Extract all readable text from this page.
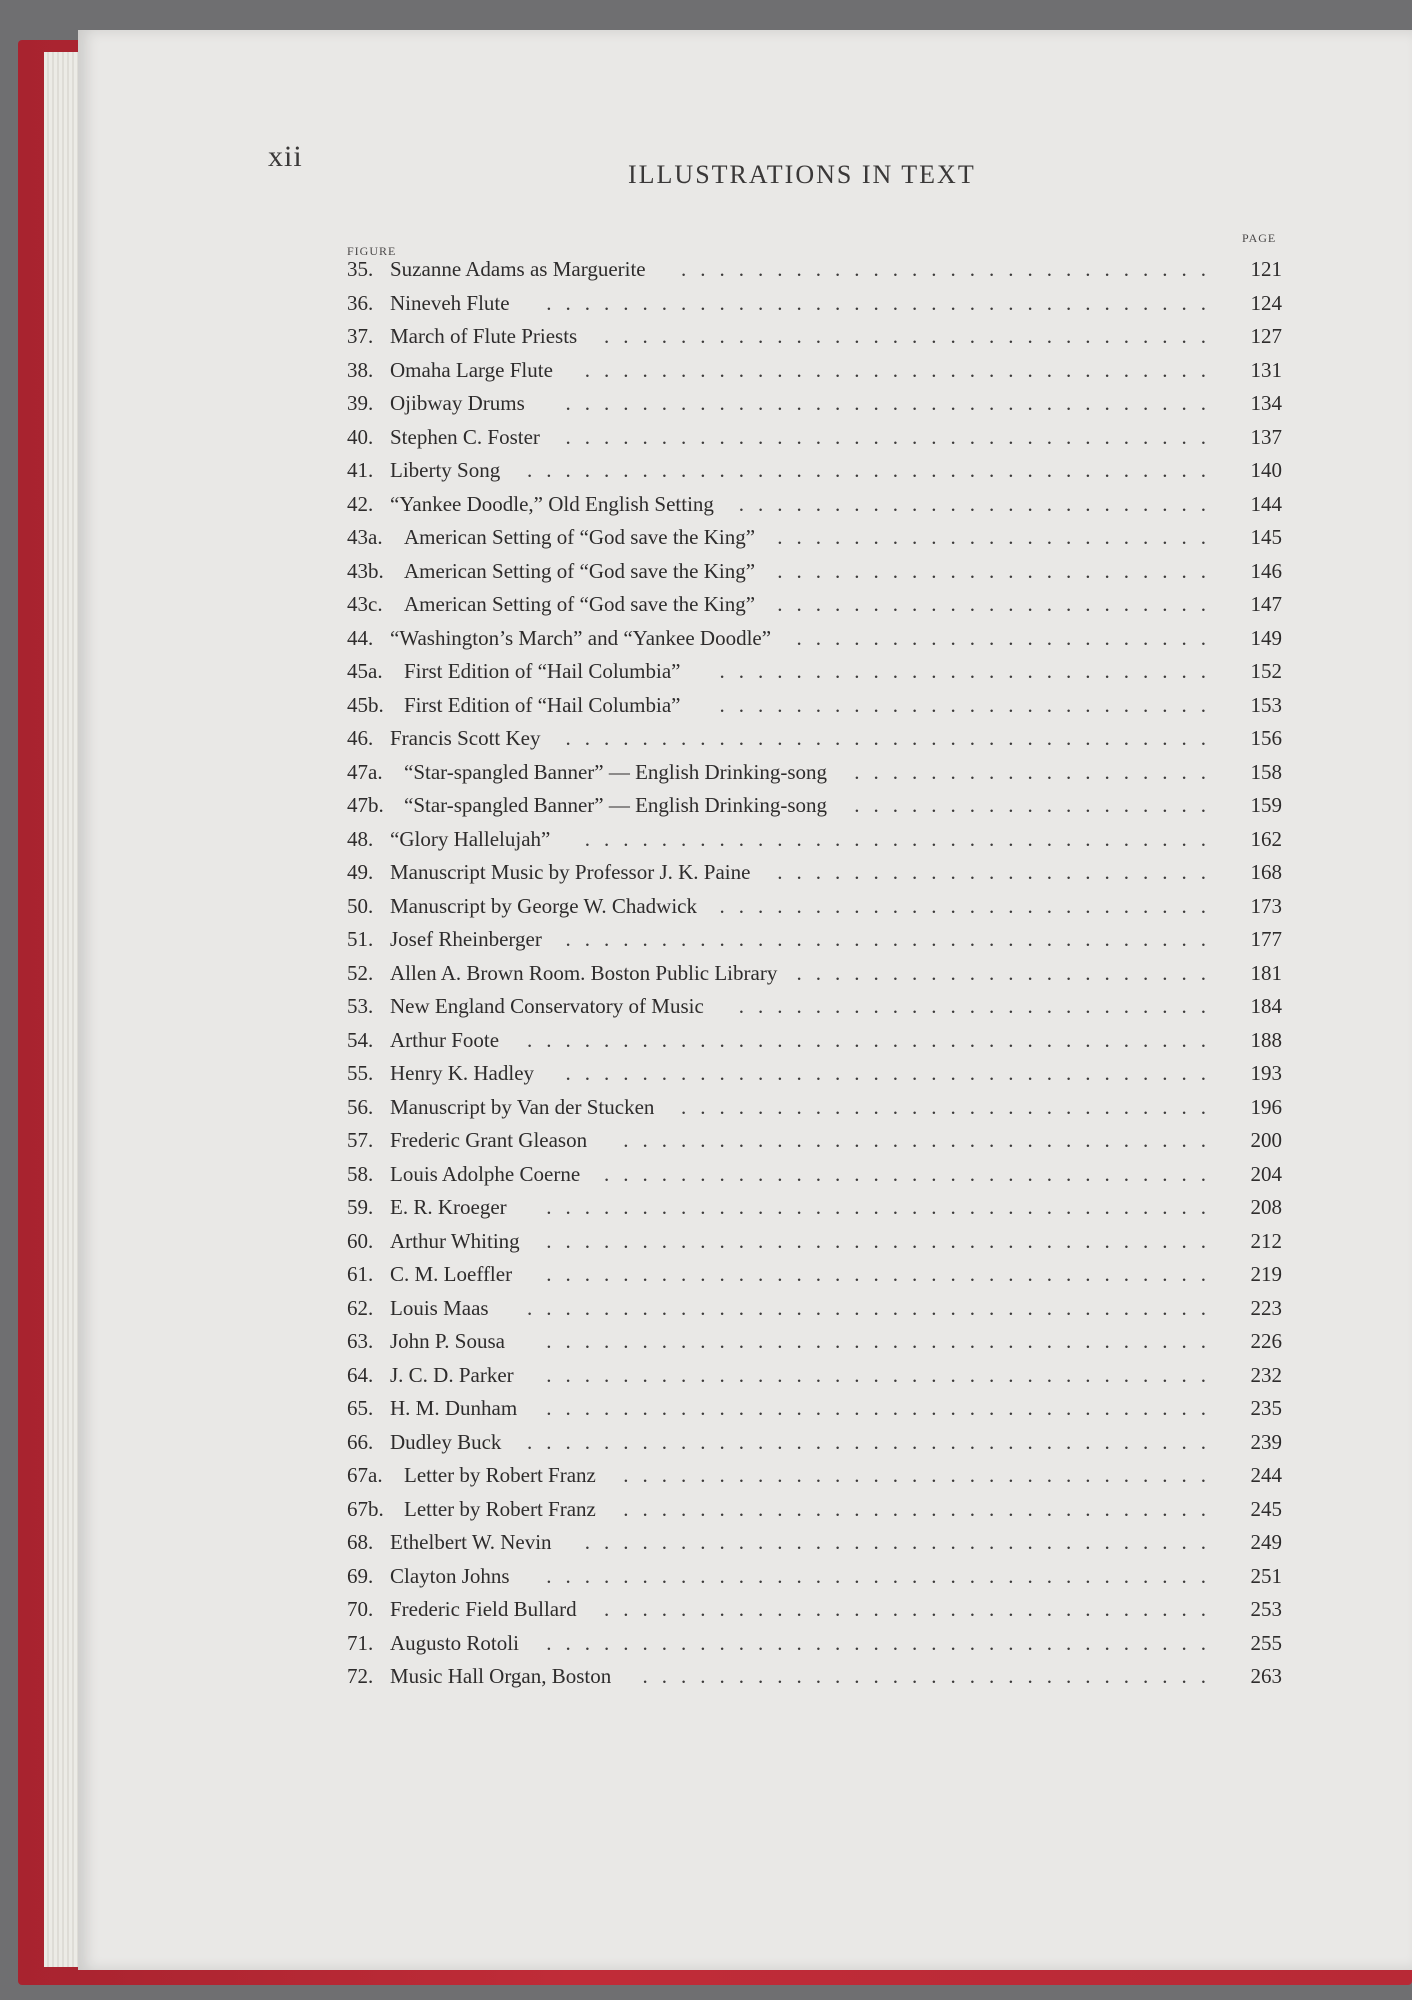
xii
ILLUSTRATIONS IN TEXT
FIGURE
PAGE
35. Suzanne Adams as Marguerite	121
............................
36. Nineveh Flute	124
...................................
37. March of Flute Priests	127
................................
38. Omaha Large Flute	131
.................................
39. Ojibway Drums	134
..................................
40. Stephen C. Foster	137
..................................
41. Liberty Song	140
....................................
42. “Yankee Doodle,” Old English Setting	144
.........................
43a. American Setting of “God save the King”	145
.......................
43b. American Setting of “God save the King”	146
.......................
43c. American Setting of “God save the King”	147
.......................
44. “Washington’s March” and “Yankee Doodle”	149
......................
45a. First Edition of “Hail Columbia”	152
..........................
45b. First Edition of “Hail Columbia”	153
..........................
46. Francis Scott Key	156
..................................
47a. “Star-spangled Banner” — English Drinking-song	158
...................
47b. “Star-spangled Banner” — English Drinking-song	159
...................
48. “Glory Hallelujah”	162
.................................
49. Manuscript Music by Professor J. K. Paine	168
.......................
50. Manuscript by George W. Chadwick	173
..........................
51. Josef Rheinberger	177
..................................
52. Allen A. Brown Room. Boston Public Library	181
......................
53. New England Conservatory of Music	184
.........................
54. Arthur Foote	188
....................................
55. Henry K. Hadley	193
..................................
56. Manuscript by Van der Stucken	196
............................
57. Frederic Grant Gleason	200
...............................
58. Louis Adolphe Coerne	204
................................
59. E. R. Kroeger	208
...................................
60. Arthur Whiting	212
...................................
61. C. M. Loeffler	219
...................................
62. Louis Maas	223
....................................
63. John P. Sousa	226
...................................
64. J. C. D. Parker	232
...................................
65. H. M. Dunham	235
...................................
66. Dudley Buck	239
....................................
67a. Letter by Robert Franz	244
...............................
67b. Letter by Robert Franz	245
...............................
68. Ethelbert W. Nevin	249
.................................
69. Clayton Johns	251
...................................
70. Frederic Field Bullard	253
................................
71. Augusto Rotoli	255
...................................
72. Music Hall Organ, Boston	263
..............................
